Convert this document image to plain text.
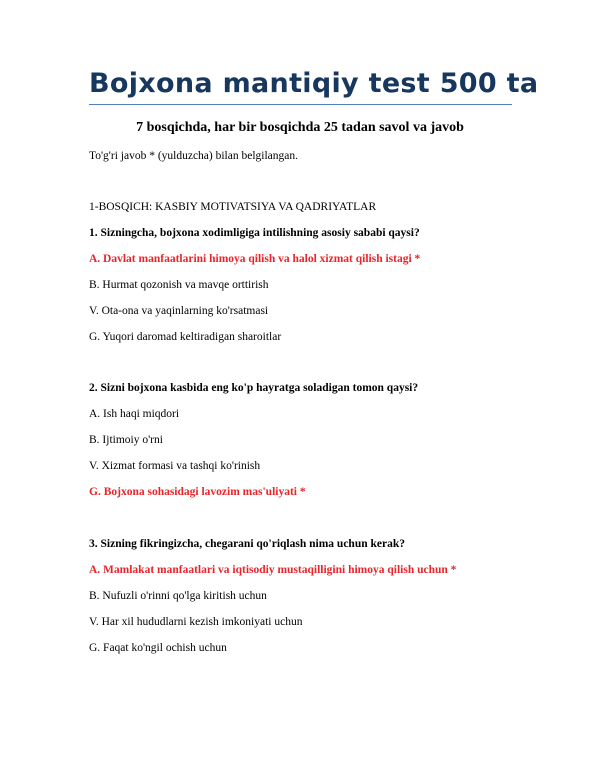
Bojxona mantiqiy test 500 ta
7 bosqichda, har bir bosqichda 25 tadan savol va javob
To'g'ri javob * (yulduzcha) bilan belgilangan.
1-BOSQICH: KASBIY MOTIVATSIYA VA QADRIYATLAR
1. Sizningcha, bojxona xodimligiga intilishning asosiy sababi qaysi?
A. Davlat manfaatlarini himoya qilish va halol xizmat qilish istagi *
B. Hurmat qozonish va mavqe orttirish
V. Ota-ona va yaqinlarning ko'rsatmasi
G. Yuqori daromad keltiradigan sharoitlar
2. Sizni bojxona kasbida eng ko'p hayratga soladigan tomon qaysi?
A. Ish haqi miqdori
B. Ijtimoiy o'rni
V. Xizmat formasi va tashqi ko'rinish
G. Bojxona sohasidagi lavozim mas'uliyati *
3. Sizning fikringizcha, chegarani qo'riqlash nima uchun kerak?
A. Mamlakat manfaatlari va iqtisodiy mustaqilligini himoya qilish uchun *
B. Nufuzli o'rinni qo'lga kiritish uchun
V. Har xil hududlarni kezish imkoniyati uchun
G. Faqat ko'ngil ochish uchun
